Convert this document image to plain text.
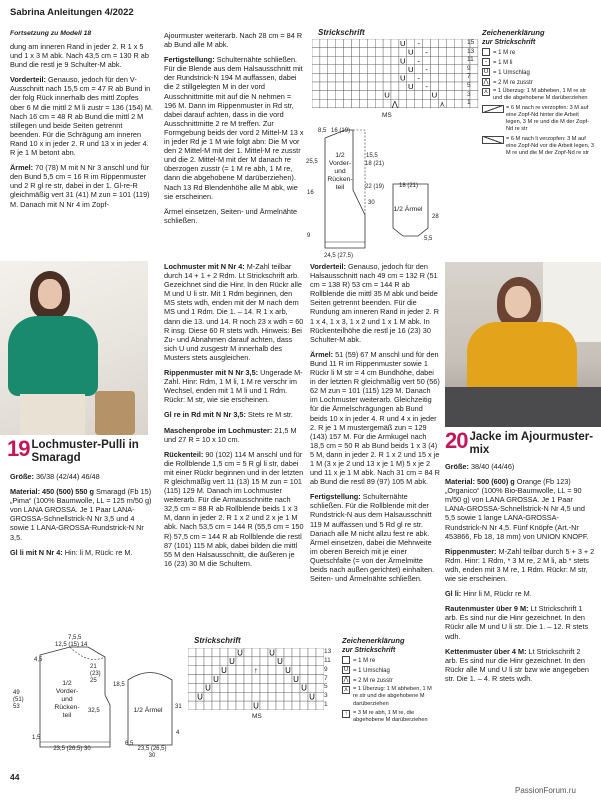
Sabrina Anleitungen 4/2022
Fortsetzung zu Modell 18

dung am inneren Rand in jeder 2. R 1 x 5 und 1 x 3 M abk. Nach 43,5 cm = 130 R ab Bund die restl je 9 Schulter-M abk.

Vorderteil: Genauso, jedoch für den V-Ausschnitt nach 15,5 cm = 47 R ab Bund in der folg Rück innerhalb des mittl Zopfes über 6 M die mittl 2 M li zustr = 136 (154) M. Nach 16 cm = 48 R ab Bund die mittl 2 M stillegen und beide Seiten getrennt beenden. Für die Schrägung am inneren Rand 10 x in jeder 2. R und 13 x in jeder 4. R je 1 M betont abn.

Ärmel: 70 (78) M mit N Nr 3 anschl und für den Bund 5,5 cm = 16 R im Rippenmuster und 2 R gl re str, dabei in der 1. Gl-re-R gleichmäßig vert 31 (41) M zun = 101 (119) M. Danach mit N Nr 4 im Zopf-

Ajourmuster weiterarb. Nach 28 cm = 84 R ab Bund alle M abk.

Fertigstellung: Schulternähte schließen. Für die Blende aus dem Halsausschnitt mit der Rundstrick-N 194 M auffassen, dabei die 2 stillgelegten M in der vord Ausschnittmitte mit auf die N nehmen = 196 M. Dann im Rippenmuster in Rd str, dabei darauf achten, dass in die vord Ausschnittmitte 2 re M treffen. Zur Formgebung beids der vord 2 Mittel-M 13 x in jeder Rd je 1 M wie folgt abn: Die M vor den 2 Mittel-M mit der 1. Mittel-M re zusstr und die 2. Mittel-M mit der M danach re überzogen zusstr (= 1 M re abh, 1 M re, dann die abgehobene M darüberziehen). Nach 13 Rd Blendenhöhe alle M abk, wie sie erscheinen.

Ärmel einsetzen, Seiten- und Ärmelnähte schließen.

Strickschrift
U
U
U
U
U
U
-
-
-
-
-
-
U	U
⋀	⋏
15
13
11
9
7
5
3
1
MS
Zeichenerklärung
zur Strickschrift
= 1 M re
- = 1 M li
U = 1 Umschlag
⋀ = 2 M re zusstr
⋏ = 1 Überzug: 1 M abheben, 1 M re str und die abgehobene M darüberziehen
= 6 M nach re verzopfen: 3 M auf eine Zopf-Nd hinter die Arbeit legen, 3 M re und die M der Zopf-Nd re str
= 6 M nach li verzopfen: 3 M auf eine Zopf-Nd vor die Arbeit legen, 3 M re und die M der Zopf-Nd re str
8,5 16 (19)
25,5
15,5
18 (21)
16
22 (19)
30
9
24,5 (27,5)
1/2 Vorder- und Rücken- teil	18 (21)
1/2 Ärmel
28
5,5
19 Lochmuster-Pulli in Smaragd

Größe: 36/38 (42/44) 46/48

Material: 450 (500) 550 g Smaragd (Fb 15) „Pima“ (100% Baumwolle, LL = 125 m/50 g) von LANA GROSSA. Je 1 Paar LANA-GROSSA-Schnellstrick-N Nr 3,5 und 4 sowie 1 LANA-GROSSA-Rundstrick-N Nr 3,5.

Gl li mit N Nr 4: Hin: li M, Rück: re M.

Lochmuster mit N Nr 4: M-Zahl teilbar durch 14 + 1 + 2 Rdm. Lt Strickschrift arb. Gezeichnet sind die Hinr. In den Rückr alle M und U li str. Mit 1 Rdm beginnen, den MS stets wdh, enden mit der M nach dem MS und 1 Rdm. Die 1. – 14. R 1 x arb, dann die 13. und 14. R noch 23 x wdh = 60 R insg. Diese 60 R stets wdh. Hinweis: Bei Zu- und Abnahmen darauf achten, dass sich U und zusgestr M innerhalb des Musters stets ausgleichen.

Rippenmuster mit N Nr 3,5: Ungerade M-Zahl. Hinr: Rdm, 1 M li, 1 M re verschr im Wechsel, enden mit 1 M li und 1 Rdm. Rückr: M str, wie sie erscheinen.

Gl re in Rd mit N Nr 3,5: Stets re M str.

Maschenprobe im Lochmuster: 21,5 M und 27 R = 10 x 10 cm.

Rückenteil: 90 (102) 114 M anschl und für die Rollblende 1,5 cm = 5 R gl li str, dabei mit einer Rückr beginnen und in der letzten R gleichmäßig vert 11 (13) 15 M zun = 101 (115) 129 M. Danach im Lochmuster weiterarb. Für die Armausschnitte nach 32,5 cm = 88 R ab Rollblende beids 1 x 3 M, dann in jeder 2. R 1 x 2 und 2 x je 1 M abk. Nach 53,5 cm = 144 R (55,5 cm = 150 R) 57,5 cm = 144 R ab Rollblende die restl 87 (101) 115 M abk, dabei bilden die mittl 55 M den Halsausschnitt, die äußeren je 16 (23) 30 M die Schultern.

Vorderteil: Genauso, jedoch für den Halsausschnitt nach 49 cm = 132 R (51 cm = 138 R) 53 cm = 144 R ab Rollblende die mittl 35 M abk und beide Seiten getrennt beenden. Für die Rundung am inneren Rand in jeder 2. R 1 x 4, 1 x 3, 1 x 2 und 1 x 1 M abk. In Rückenteilhöhe die restl je 16 (23) 30 Schulter-M abk.

Ärmel: 51 (59) 67 M anschl und für den Bund 11 R im Rippenmuster sowie 1 Rückr li M str = 4 cm Bundhöhe, dabei in der letzten R gleichmäßig vert 50 (56) 62 M zun = 101 (115) 129 M. Danach im Lochmuster weiterarb. Gleichzeitig für die Ärmelschrägungen ab Bund beids 10 x in jeder 4. R und 4 x in jeder 2. R je 1 M mustergemäß zun = 129 (143) 157 M. Für die Armkugel nach 18,5 cm = 50 R ab Bund beids 1 x 3 (4) 5 M, dann in jeder 2. R 1 x 2 und 15 x je 1 M (3 x je 2 und 13 x je 1 M) 5 x je 2 und 11 x je 1 M abk. Nach 31 cm = 84 R ab Bund die restl 89 (97) 105 M abk.

Fertigstellung: Schulternähte schließen. Für die Rollblende mit der Rundstrick-N aus dem Halsausschnitt 119 M auffassen und 5 Rd gl re str. Danach alle M nicht allzu fest re abk. Ärmel einsetzen, dabei die Mehrweite im oberen Bereich mit je einer Quetschfalte (= von der Ärmelmitte beids nach außen gerichtet) einhalten. Seiten- und Ärmelnähte schließen.

20 Jacke im Ajourmuster-mix

Größe: 38/40 (44/46)

Material: 500 (600) g Orange (Fb 123) „Organico“ (100% Bio-Baumwolle, LL = 90 m/50 g) von LANA GROSSA. Je 1 Paar LANA-GROSSA-Schnellstrick-N Nr 4,5 und 5,5 sowie 1 lange LANA-GROSSA-Rundstrick-N Nr 4,5. Fünf Knöpfe (Art.-Nr 453866, Fb 18, 18 mm) von UNION KNOPF.

Rippenmuster: M-Zahl teilbar durch 5 + 3 + 2 Rdm. Hinr: 1 Rdm, * 3 M re, 2 M li, ab * stets wdh, enden mit 3 M re, 1 Rdm. Rückr: M str, wie sie erscheinen.

Gl li: Hinr li M, Rückr re M.

Rautenmuster über 9 M: Lt Strickschrift 1 arb. Es sind nur die Hinr gezeichnet. In den Rückr alle M und U li str. Die 1. – 12. R stets wdh.

Kettenmuster über 4 M: Lt Strickschrift 2 arb. Es sind nur die Hinr gezeichnet. In den Rückr alle M und U li str bzw wie angegeben str. Die 1. – 4. R stets wdh.

7,5,5
12,5 (15) 14
4,5
21 (23) 25
49 (51) 53
32,5
18,5
1,5
23,5 (26,5) 30
1/2 Vorder- und Rücken- teil
1/2 Ärmel 31
4
23,5 (26,5) 30
6,5
Strickschrift
U	U
U	U
U	↑	U
U	U
U	U
U	U
U
13
11
9
7
5
3
1
MS
Zeichenerklärung
zur Strickschrift
= 1 M re
U = 1 Umschlag
⋀ = 2 M re zusstr
⋏ = 1 Überzug: 1 M abheben, 1 M re str und die abgehobene M darüberziehen
↑ = 3 M re abh, 1 M re, die abgehobene M darüberziehen
44
PassionForum.ru
